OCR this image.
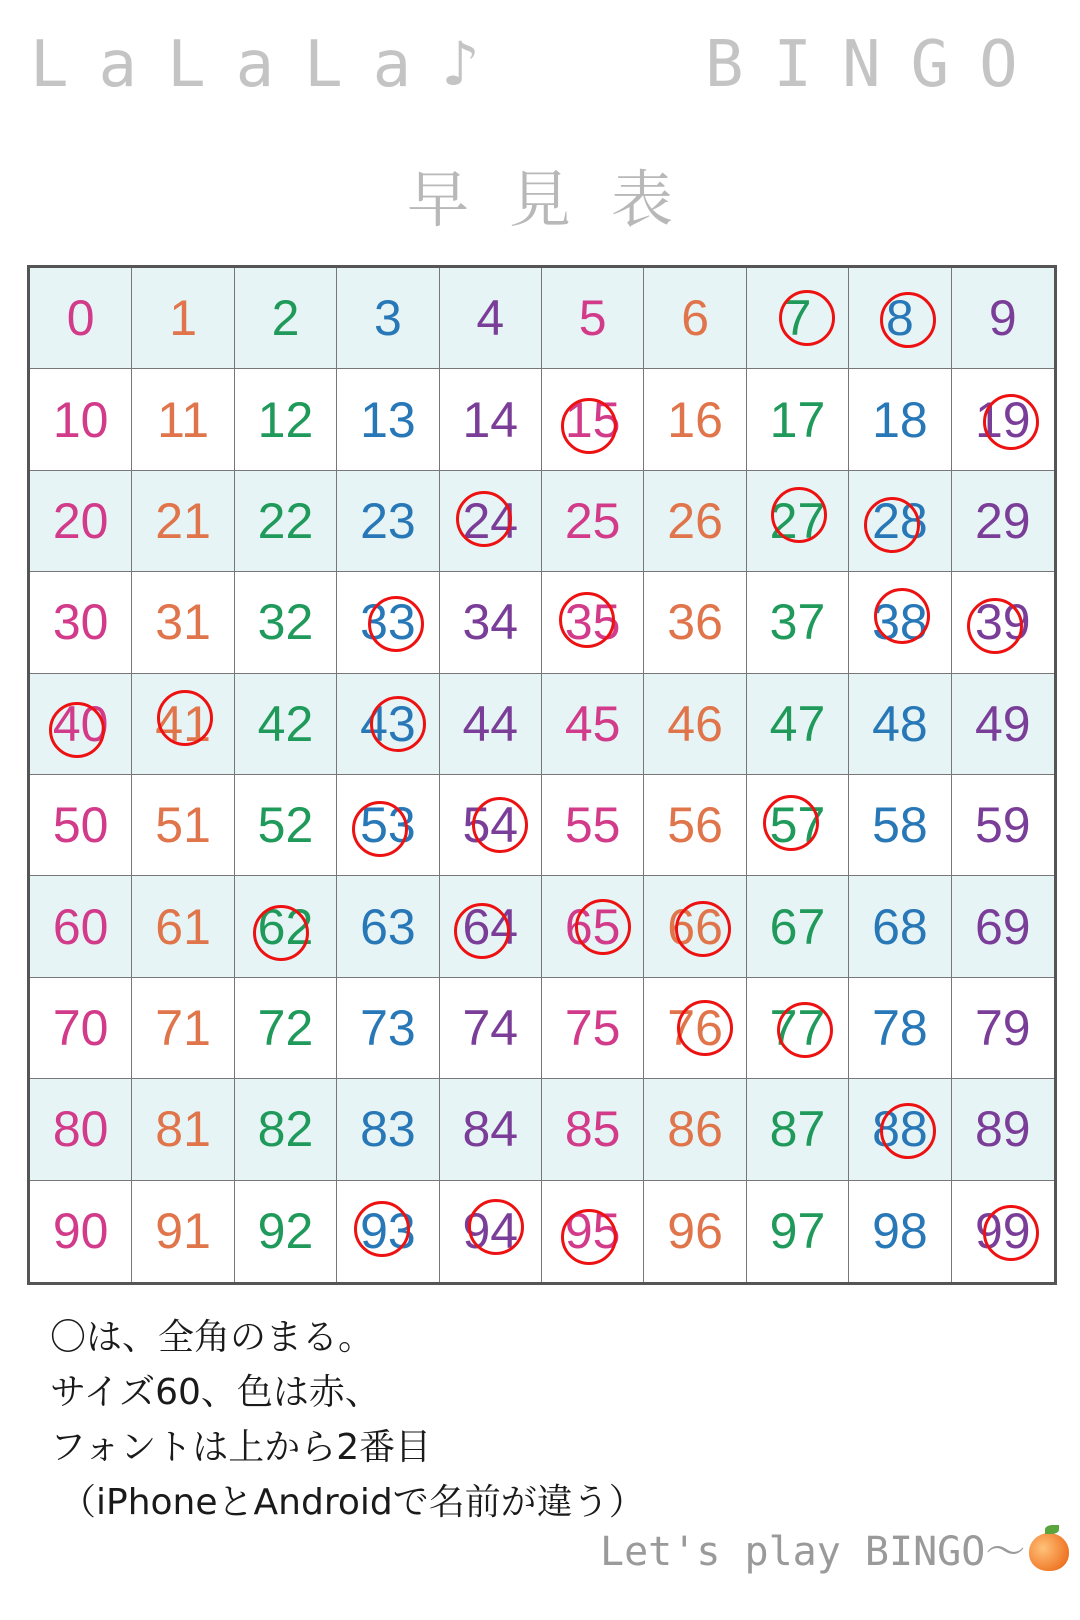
LaLaLa♪	BINGO
早見表
0 1 2 3 4 5 6 7 8 9
10 11 12 13 14 15 16 17 18 19
20 21 22 23 24 25 26 27 28 29
30 31 32 33 34 35 36 37 38 39
40 41 42 43 44 45 46 47 48 49
50 51 52 53 54 55 56 57 58 59
60 61 62 63 64 65 66 67 68 69
70 71 72 73 74 75 76 77 78 79
80 81 82 83 84 85 86 87 88 89
90 91 92 93 94 95 96 97 98 99
〇は、全角のまる。
サイズ60、色は赤、
フォントは上から2番目
（iPhoneとAndroidで名前が違う）
Let's play BINGO〜
